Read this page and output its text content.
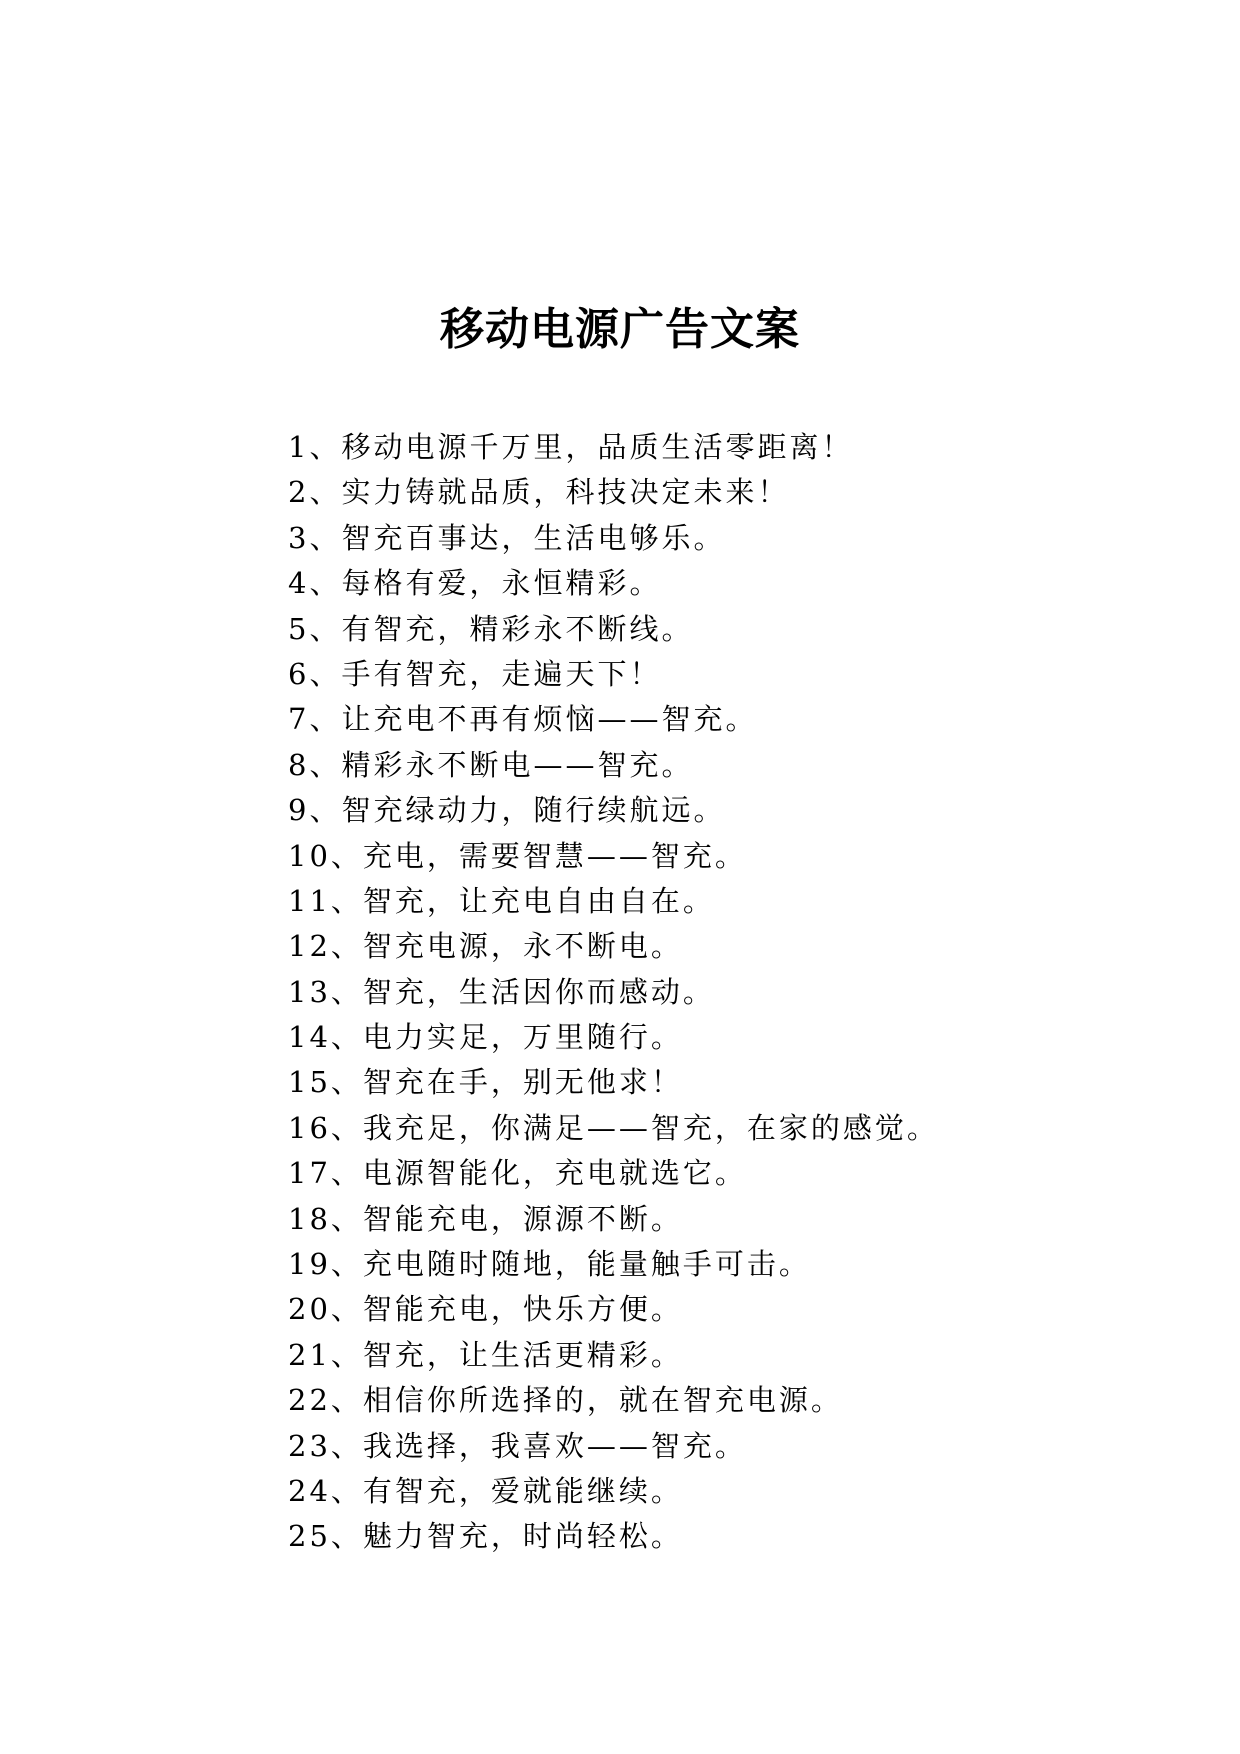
移动电源广告文案
1、移动电源千万里，品质生活零距离！
2、实力铸就品质，科技决定未来！
3、智充百事达，生活电够乐。
4、每格有爱，永恒精彩。
5、有智充，精彩永不断线。
6、手有智充，走遍天下！
7、让充电不再有烦恼——智充。
8、精彩永不断电——智充。
9、智充绿动力，随行续航远。
10、充电，需要智慧——智充。
11、智充，让充电自由自在。
12、智充电源，永不断电。
13、智充，生活因你而感动。
14、电力实足，万里随行。
15、智充在手，别无他求！
16、我充足，你满足——智充，在家的感觉。
17、电源智能化，充电就选它。
18、智能充电，源源不断。
19、充电随时随地，能量触手可击。
20、智能充电，快乐方便。
21、智充，让生活更精彩。
22、相信你所选择的，就在智充电源。
23、我选择，我喜欢——智充。
24、有智充，爱就能继续。
25、魅力智充，时尚轻松。
